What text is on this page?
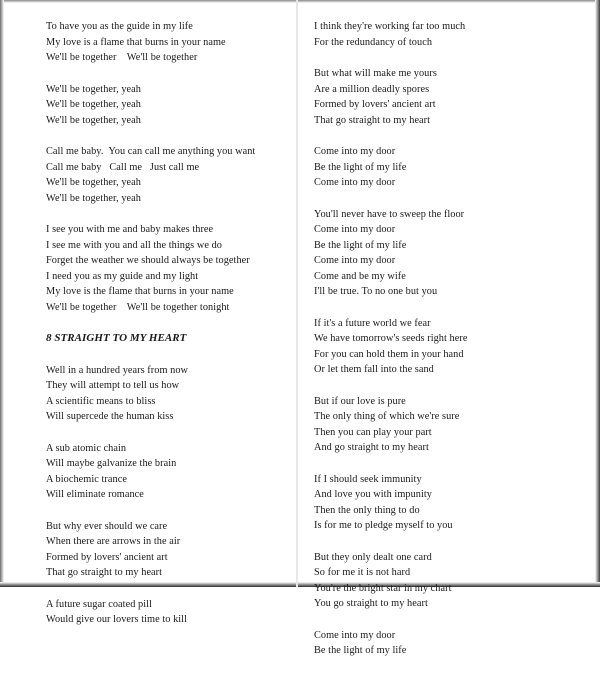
To have you as the guide in my life
My love is a flame that burns in your name
We'll be together    We'll be together
We'll be together, yeah
We'll be together, yeah
We'll be together, yeah
Call me baby.  You can call me anything you want
Call me baby   Call me   Just call me
We'll be together, yeah
We'll be together, yeah
I see you with me and baby makes three
I see me with you and all the things we do
Forget the weather we should always be together
I need you as my guide and my light
My love is the flame that burns in your name
We'll be together    We'll be together tonight
8 STRAIGHT TO MY HEART
Well in a hundred years from now
They will attempt to tell us how
A scientific means to bliss
Will supercede the human kiss
A sub atomic chain
Will maybe galvanize the brain
A biochemic trance
Will eliminate romance
But why ever should we care
When there are arrows in the air
Formed by lovers' ancient art
That go straight to my heart
A future sugar coated pill
Would give our lovers time to kill
I think they're working far too much
For the redundancy of touch
But what will make me yours
Are a million deadly spores
Formed by lovers' ancient art
That go straight to my heart
Come into my door
Be the light of my life
Come into my door
You'll never have to sweep the floor
Come into my door
Be the light of my life
Come into my door
Come and be my wife
I'll be true. To no one but you
If it's a future world we fear
We have tomorrow's seeds right here
For you can hold them in your hand
Or let them fall into the sand
But if our love is pure
The only thing of which we're sure
Then you can play your part
And go straight to my heart
If I should seek immunity
And love you with impunity
Then the only thing to do
Is for me to pledge myself to you
But they only dealt one card
So for me it is not hard
You're the bright star in my chart
You go straight to my heart
Come into my door
Be the light of my life
